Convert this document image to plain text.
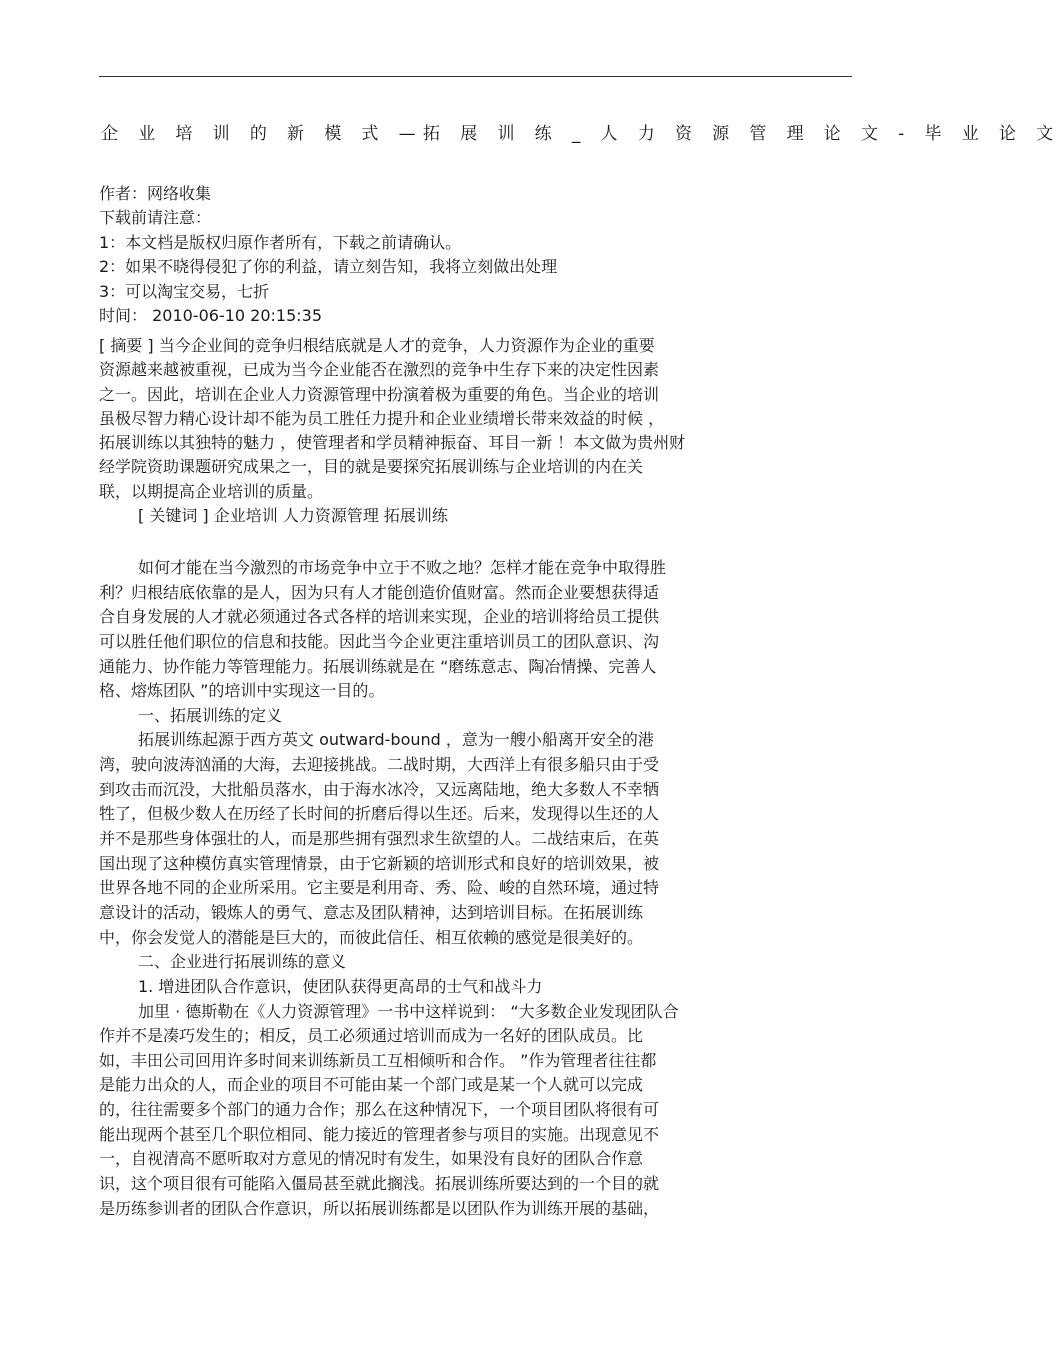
企 业 培 训 的 新 模 式 —拓 展 训 练 _ 人 力 资 源 管 理 论 文 - 毕 业 论 文
作者：网络收集
下载前请注意：
1：本文档是版权归原作者所有，下载之前请确认。
2：如果不晓得侵犯了你的利益，请立刻告知，我将立刻做出处理
3：可以淘宝交易，七折
时间： 2010-06-10 20:15:35
[ 摘要 ] 当今企业间的竞争归根结底就是人才的竞争，人力资源作为企业的重要
资源越来越被重视，已成为当今企业能否在激烈的竞争中生存下来的决定性因素
之一。因此，培训在企业人力资源管理中扮演着极为重要的角色。当企业的培训
虽极尽智力精心设计却不能为员工胜任力提升和企业业绩增长带来效益的时候 ，
拓展训练以其独特的魅力 ，使管理者和学员精神振奋、耳目一新 ！本文做为贵州财
经学院资助课题研究成果之一，目的就是要探究拓展训练与企业培训的内在关
联，以期提高企业培训的质量。
[ 关键词 ] 企业培训 人力资源管理 拓展训练
如何才能在当今激烈的市场竞争中立于不败之地？怎样才能在竞争中取得胜
利？归根结底依靠的是人，因为只有人才能创造价值财富。然而企业要想获得适
合自身发展的人才就必须通过各式各样的培训来实现，企业的培训将给员工提供
可以胜任他们职位的信息和技能。因此当今企业更注重培训员工的团队意识、沟
通能力、协作能力等管理能力。拓展训练就是在 “磨练意志、陶冶情操、完善人
格、熔炼团队 ”的培训中实现这一目的。
一、拓展训练的定义
拓展训练起源于西方英文 outward-bound ，意为一艘小船离开安全的港
湾，驶向波涛汹涌的大海，去迎接挑战。二战时期，大西洋上有很多船只由于受
到攻击而沉没，大批船员落水，由于海水冰冷，又远离陆地，绝大多数人不幸牺
牲了，但极少数人在历经了长时间的折磨后得以生还。后来，发现得以生还的人
并不是那些身体强壮的人，而是那些拥有强烈求生欲望的人。二战结束后，在英
国出现了这种模仿真实管理情景，由于它新颖的培训形式和良好的培训效果，被
世界各地不同的企业所采用。它主要是利用奇、秀、险、峻的自然环境，通过特
意设计的活动，锻炼人的勇气、意志及团队精神，达到培训目标。在拓展训练
中，你会发觉人的潜能是巨大的，而彼此信任、相互依赖的感觉是很美好的。
二、企业进行拓展训练的意义
1. 增进团队合作意识，使团队获得更高昂的士气和战斗力
加里 · 德斯勒在《人力资源管理》一书中这样说到： “大多数企业发现团队合
作并不是凑巧发生的；相反，员工必须通过培训而成为一名好的团队成员。比
如，丰田公司回用许多时间来训练新员工互相倾听和合作。 ”作为管理者往往都
是能力出众的人，而企业的项目不可能由某一个部门或是某一个人就可以完成
的，往往需要多个部门的通力合作；那么在这种情况下，一个项目团队将很有可
能出现两个甚至几个职位相同、能力接近的管理者参与项目的实施。出现意见不
一，自视清高不愿听取对方意见的情况时有发生，如果没有良好的团队合作意
识，这个项目很有可能陷入僵局甚至就此搁浅。拓展训练所要达到的一个目的就
是历练参训者的团队合作意识，所以拓展训练都是以团队作为训练开展的基础，
